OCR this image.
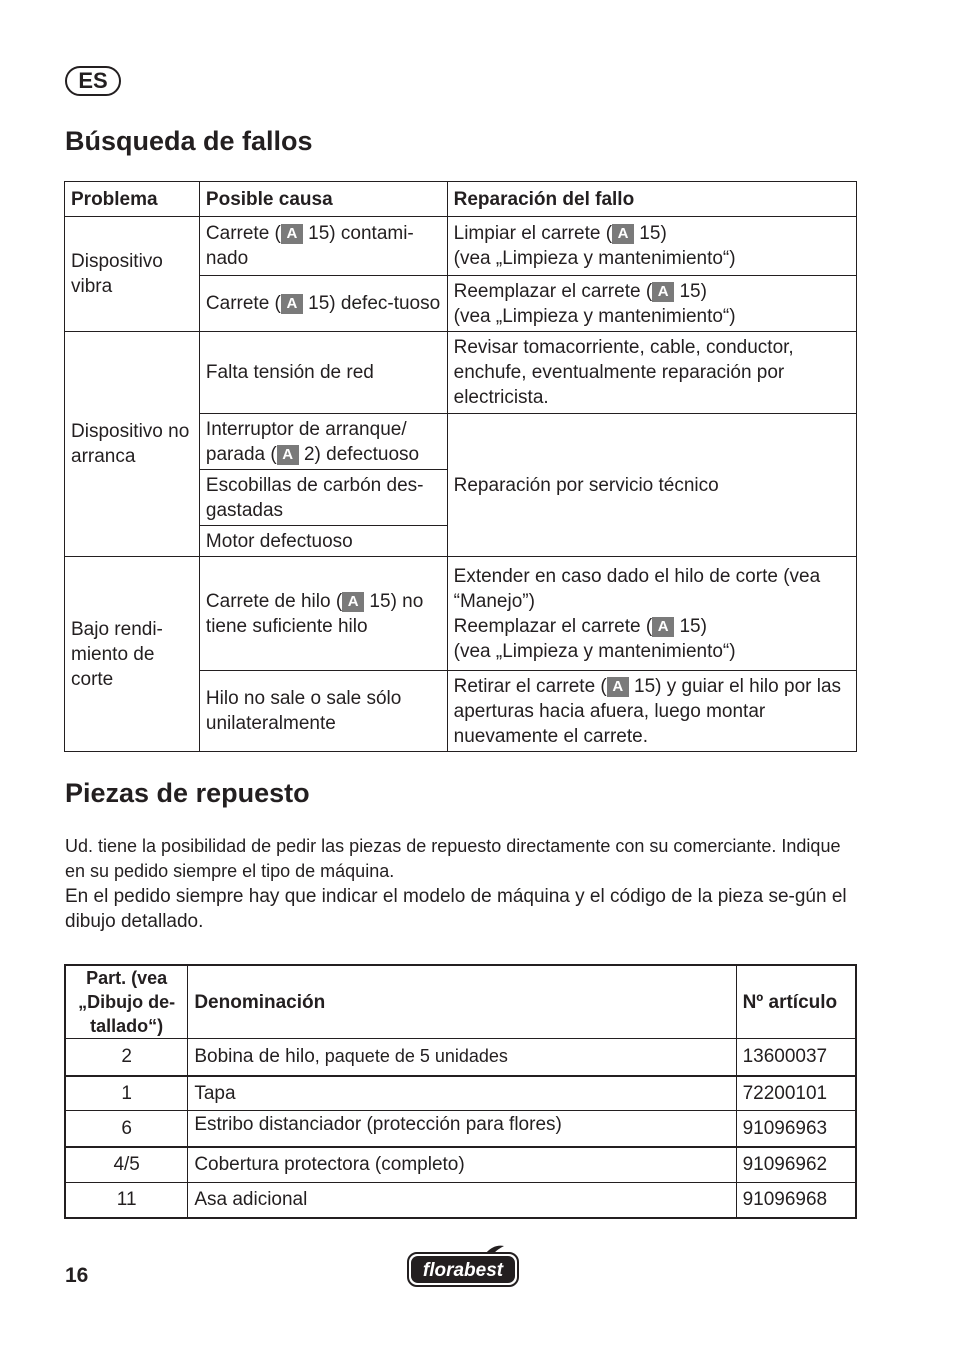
ES
Búsqueda de fallos
Problema	Posible causa	Reparación del fallo
Dispositivo vibra	Carrete ( A 15) contami-nado	Limpiar el carrete ( A 15)
(vea „Limpieza y mantenimiento“)
	Carrete ( A 15) defec-tuoso	Reemplazar el carrete ( A 15)
(vea „Limpieza y mantenimiento“)
Dispositivo no arranca	Falta tensión de red	Revisar tomacorriente, cable, conductor, enchufe, eventualmente reparación por electricista.
	Interruptor de arranque/ parada ( A 2) defectuoso	Reparación por servicio técnico
	Escobillas de carbón des-gastadas	
	Motor defectuoso	
Bajo rendi-miento de corte	Carrete de hilo ( A 15) no tiene suficiente hilo	Extender en caso dado el hilo de corte (vea “Manejo”)
Reemplazar el carrete ( A 15)
(vea „Limpieza y mantenimiento“)
	Hilo no sale o sale sólo unilateralmente	Retirar el carrete ( A 15) y guiar el hilo por las aperturas hacia afuera, luego montar nuevamente el carrete.
Piezas de repuesto

Ud. tiene la posibilidad de pedir las piezas de repuesto directamente con su comerciante. Indique en su pedido siempre el tipo de máquina.

En el pedido siempre hay que indicar el modelo de máquina y el código de la pieza se-gún el dibujo detallado.

Part. (vea „Dibujo de-tallado“)	Denominación	Nº artículo
2	Bobina de hilo, paquete de 5 unidades	13600037
1	Tapa	72200101
6	Estribo distanciador (protección para flores)	91096963
4/5	Cobertura protectora (completo)	91096962
11	Asa adicional	91096968
16	florabest
